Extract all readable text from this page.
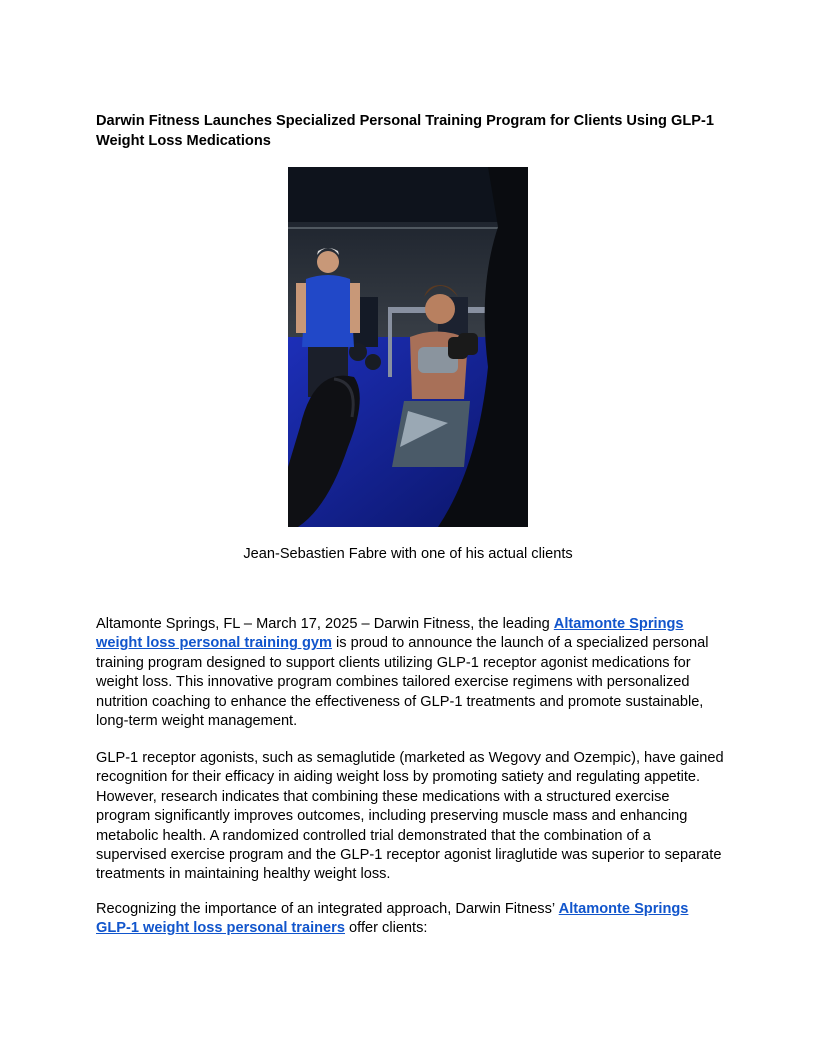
Darwin Fitness Launches Specialized Personal Training Program for Clients Using GLP-1 Weight Loss Medications

Jean-Sebastien Fabre with one of his actual clients

Altamonte Springs, FL – March 17, 2025 – Darwin Fitness, the leading Altamonte Springs weight loss personal training gym is proud to announce the launch of a specialized personal training program designed to support clients utilizing GLP-1 receptor agonist medications for weight loss. This innovative program combines tailored exercise regimens with personalized nutrition coaching to enhance the effectiveness of GLP-1 treatments and promote sustainable, long-term weight management.

GLP-1 receptor agonists, such as semaglutide (marketed as Wegovy and Ozempic), have gained recognition for their efficacy in aiding weight loss by promoting satiety and regulating appetite. However, research indicates that combining these medications with a structured exercise program significantly improves outcomes, including preserving muscle mass and enhancing metabolic health. A randomized controlled trial demonstrated that the combination of a supervised exercise program and the GLP-1 receptor agonist liraglutide was superior to separate treatments in maintaining healthy weight loss.

Recognizing the importance of an integrated approach, Darwin Fitness’ Altamonte Springs GLP-1 weight loss personal trainers offer clients:
